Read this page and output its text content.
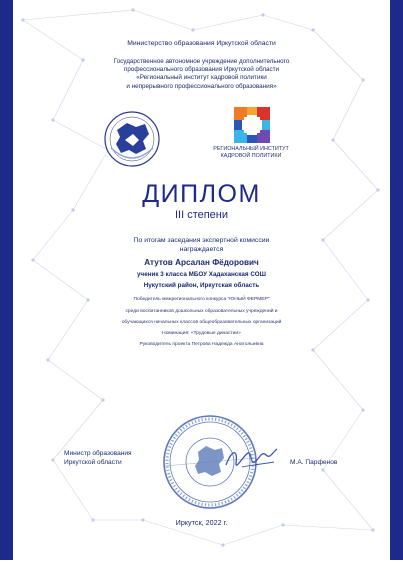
Министерство образования Иркутской области

Государственное автономное учреждение дополнительного
профессионального образования Иркутской области
«Региональный институт кадровой политики
и непрерывного профессионального образования»
РЕГИОНАЛЬНЫЙ ИНСТИТУТ
КАДРОВОЙ ПОЛИТИКИ

ДИПЛОМ

III степени

По итогам заседания экспертной комиссии
награждается

Атутов Арсалан Фёдорович

ученик 3 класса МБОУ Хадаханская СОШ

Нукутский район, Иркутская область

Победитель межрегионального конкурса "ЮНЫЙ ФЕРМЕР"

среди воспитанников дошкольных образовательных учреждений и

обучающихся начальных классов общеобразовательных организаций

Номинация: «Трудовые династии»

Руководитель проекта Петрова Надежда Анатольевна

Министр образования
Иркутской области	М.А. Парфенов

Иркутск, 2022 г.
